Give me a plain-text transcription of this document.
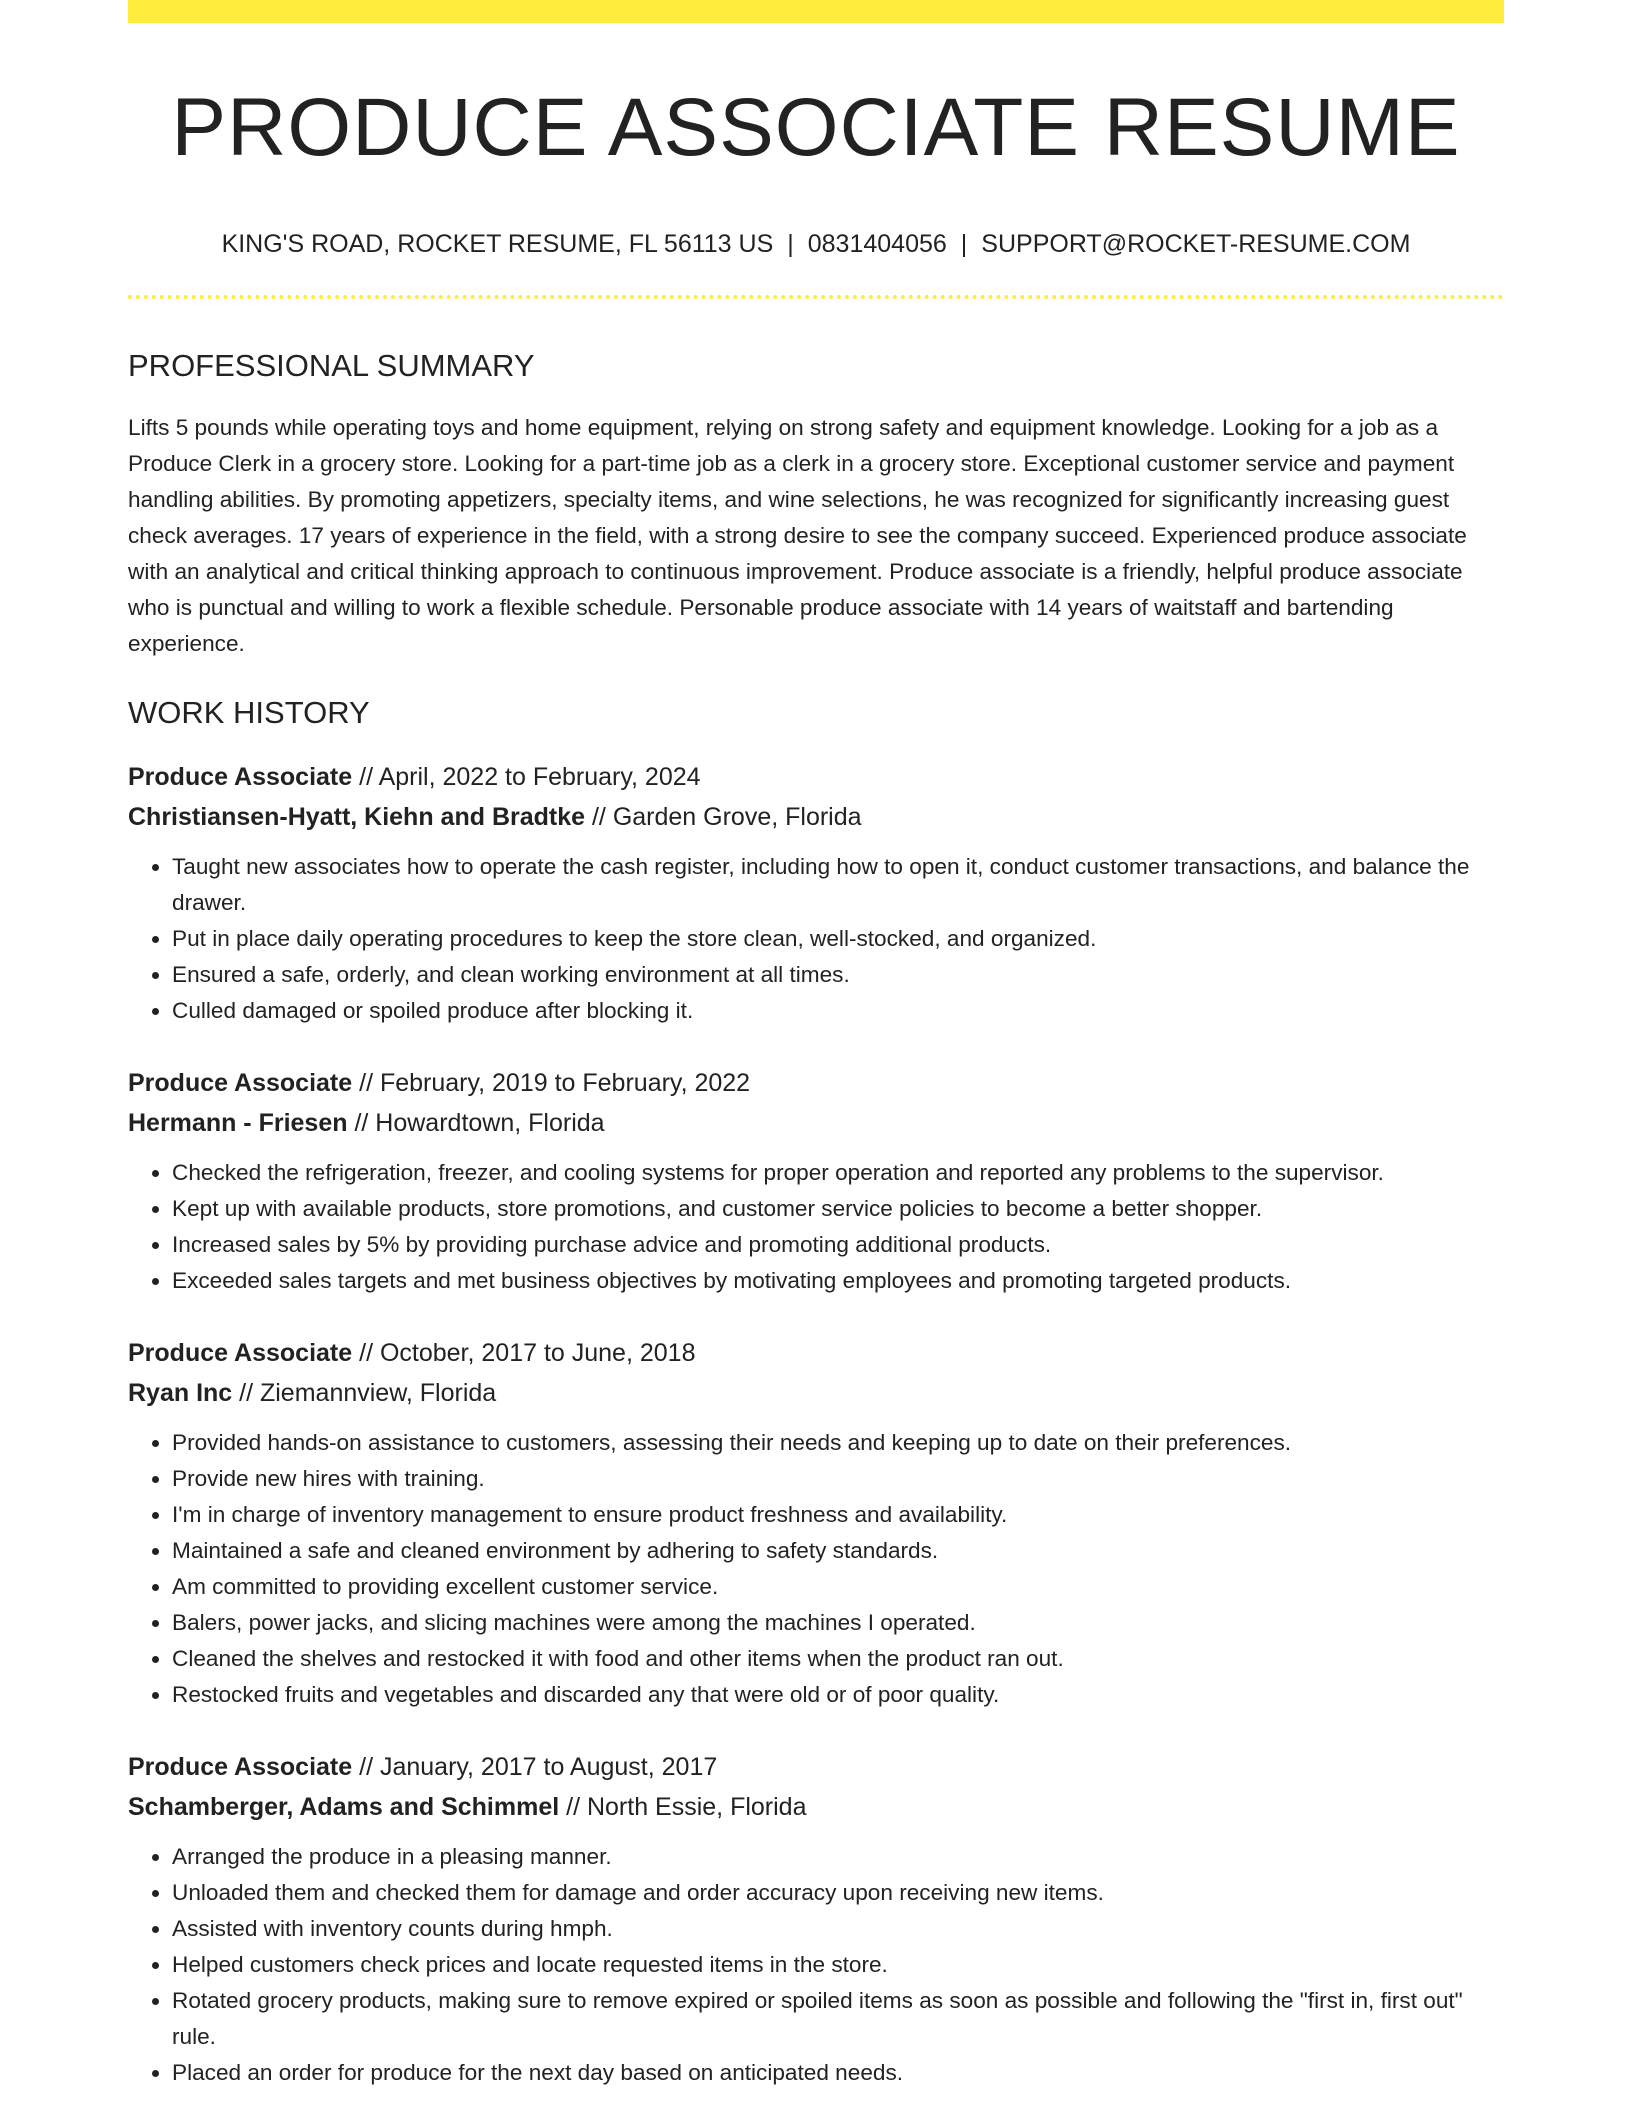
PRODUCE ASSOCIATE RESUME
KING'S ROAD, ROCKET RESUME, FL 56113 US | 0831404056 | SUPPORT@ROCKET-RESUME.COM
PROFESSIONAL SUMMARY

Lifts 5 pounds while operating toys and home equipment, relying on strong safety and equipment knowledge. Looking for a job as a Produce Clerk in a grocery store. Looking for a part-time job as a clerk in a grocery store. Exceptional customer service and payment handling abilities. By promoting appetizers, specialty items, and wine selections, he was recognized for significantly increasing guest check averages. 17 years of experience in the field, with a strong desire to see the company succeed. Experienced produce associate with an analytical and critical thinking approach to continuous improvement. Produce associate is a friendly, helpful produce associate who is punctual and willing to work a flexible schedule. Personable produce associate with 14 years of waitstaff and bartending experience.

WORK HISTORY
Produce Associate // April, 2022 to February, 2024
Christiansen-Hyatt, Kiehn and Bradtke // Garden Grove, Florida
• Taught new associates how to operate the cash register, including how to open it, conduct customer transactions, and balance the drawer.
• Put in place daily operating procedures to keep the store clean, well-stocked, and organized.
• Ensured a safe, orderly, and clean working environment at all times.
• Culled damaged or spoiled produce after blocking it.
Produce Associate // February, 2019 to February, 2022
Hermann - Friesen // Howardtown, Florida
• Checked the refrigeration, freezer, and cooling systems for proper operation and reported any problems to the supervisor.
• Kept up with available products, store promotions, and customer service policies to become a better shopper.
• Increased sales by 5% by providing purchase advice and promoting additional products.
• Exceeded sales targets and met business objectives by motivating employees and promoting targeted products.
Produce Associate // October, 2017 to June, 2018
Ryan Inc // Ziemannview, Florida
• Provided hands-on assistance to customers, assessing their needs and keeping up to date on their preferences.
• Provide new hires with training.
• I'm in charge of inventory management to ensure product freshness and availability.
• Maintained a safe and cleaned environment by adhering to safety standards.
• Am committed to providing excellent customer service.
• Balers, power jacks, and slicing machines were among the machines I operated.
• Cleaned the shelves and restocked it with food and other items when the product ran out.
• Restocked fruits and vegetables and discarded any that were old or of poor quality.
Produce Associate // January, 2017 to August, 2017
Schamberger, Adams and Schimmel // North Essie, Florida
• Arranged the produce in a pleasing manner.
• Unloaded them and checked them for damage and order accuracy upon receiving new items.
• Assisted with inventory counts during hmph.
• Helped customers check prices and locate requested items in the store.
• Rotated grocery products, making sure to remove expired or spoiled items as soon as possible and following the "first in, first out" rule.
• Placed an order for produce for the next day based on anticipated needs.
